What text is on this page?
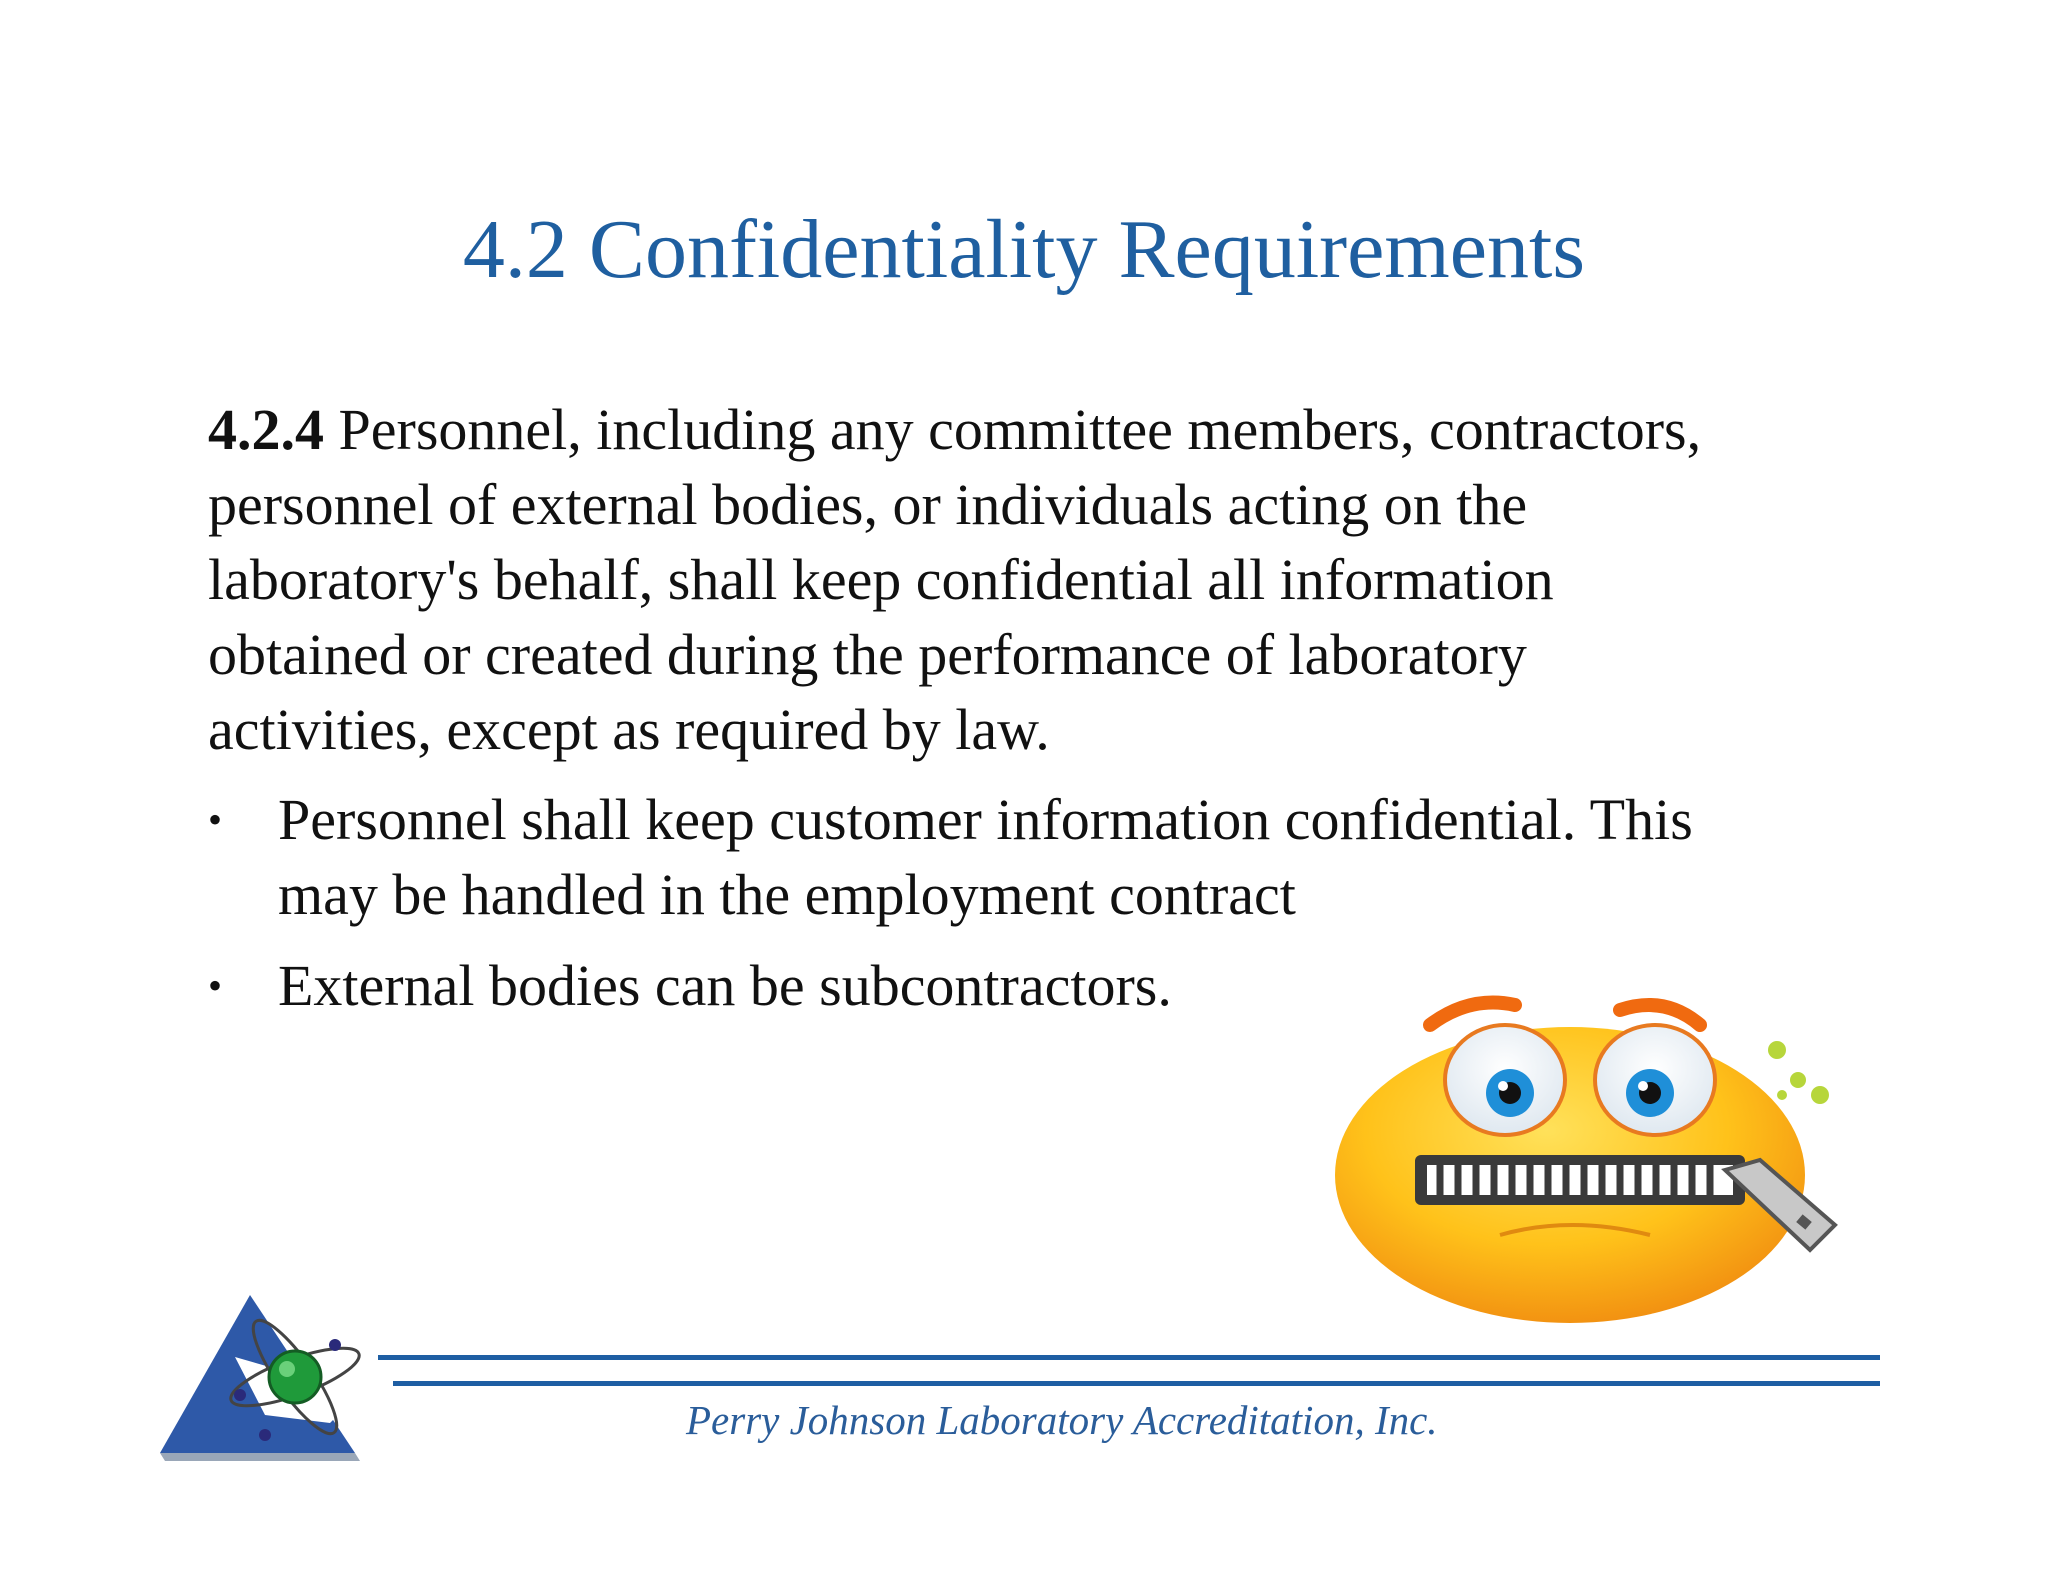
4.2 Confidentiality Requirements

4.2.4 Personnel, including any committee members, contractors,

personnel of external bodies, or individuals acting on the

laboratory's behalf, shall keep confidential all information

obtained or created during the performance of laboratory

activities, except as required by law.

• Personnel shall keep customer information confidential. This
may be handled in the employment contract
• External bodies can be subcontractors.
Perry Johnson Laboratory Accreditation, Inc.
